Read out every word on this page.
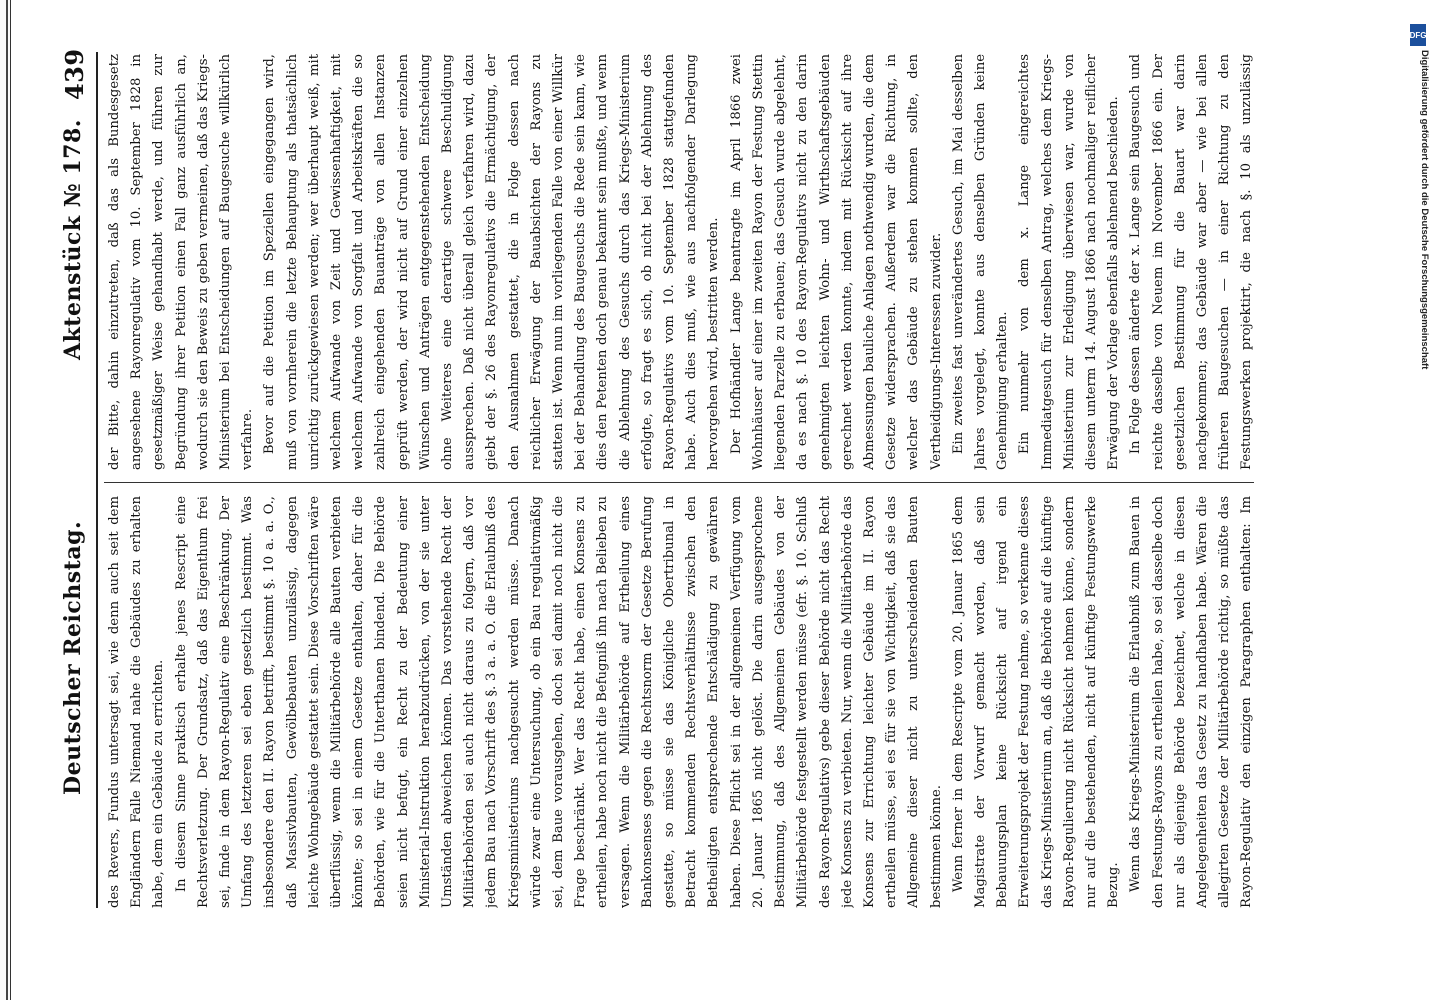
Deutscher Reichstag.
Aktenstück № 178.
439

des Revers, Fundus untersagt sei, wie denn auch seit dem Engländern Falle Niemand nahe die Gebäudes zu erhalten habe, dem ein Gebäude zu errichten. In diesem Sinne praktisch erhalte jenes Rescript eine Rechtsverletzung. Der Grundsatz, daß das Eigenthum frei sei, finde in dem Rayon-Regulativ eine Beschränkung. Der Umfang des letzteren sei eben gesetzlich bestimmt. Was insbesondere den II. Rayon betrifft, bestimmt §. 10 a. a. O., daß Massivbauten, Gewölbebauten unzulässig, dagegen leichte Wohngebäude gestattet sein. Diese Vorschriften wäre überflüssig, wenn die Militärbehörde alle Bauten verbieten könnte; so sei in einem Gesetze enthalten, daher für die Behörden, wie für die Unterthanen bindend. Die Behörde seien nicht befugt, ein Recht zu der Bedeutung einer Ministerial-Instruktion herabzudrücken, von der sie unter Umständen abweichen können. Das vorstehende Recht der Militärbehörden sei auch nicht daraus zu folgern, daß vor jedem Bau nach Vorschrift des §. 3 a. a. O. die Erlaubniß des Kriegsministeriums nachgesucht werden müsse. Danach würde zwar eine Untersuchung, ob ein Bau regulativmäßig sei, dem Baue vorausgehen, doch sei damit noch nicht die Frage beschränkt. Wer das Recht habe, einen Konsens zu ertheilen, habe noch nicht die Befugniß ihn nach Belieben zu versagen. Wenn die Militärbehörde auf Ertheilung eines Bankonsenses gegen die Rechtsnorm der Gesetze Berufung gestatte, so müsse sie das Königliche Obertribunal in Betracht kommenden Rechtsverhältnisse zwischen den Betheiligten entsprechende Entschädigung zu gewähren haben. Diese Pflicht sei in der allgemeinen Verfügung vom 20. Januar 1865 nicht gelöst. Die darin ausgesprochene Bestimmung, daß des Allgemeinen Gebäudes von der Militärbehörde festgestellt werden müsse (efr. §. 10. Schluß des Rayon-Regulativs) gebe dieser Behörde nicht das Recht jede Konsens zu verbieten. Nur, wenn die Militärbehörde das Konsens zur Errichtung leichter Gebäude im II. Rayon ertheilen müsse, sei es für sie von Wichtigkeit, daß sie das Allgemeine dieser nicht zu unterscheidenden Bauten bestimmen könne. Wenn ferner in dem Rescripte vom 20. Januar 1865 dem Magistrate der Vorwurf gemacht worden, daß sein Bebauungsplan keine Rücksicht auf irgend ein Erweiterungsprojekt der Festung nehme, so verkenne dieses das Kriegs-Ministerium an, daß die Behörde auf die künftige Rayon-Regulierung nicht Rücksicht nehmen könne, sondern nur auf die bestehenden, nicht auf künftige Festungswerke Bezug. Wenn das Kriegs-Ministerium die Erlaubniß zum Bauen in den Festungs-Rayons zu ertheilen habe, so sei dasselbe doch nur als diejenige Behörde bezeichnet, welche in diesen Angelegenheiten das Gesetz zu handhaben habe. Wären die allegirten Gesetze der Militärbehörde richtig, so müßte das Rayon-Regulativ den einzigen Paragraphen enthalten: Im

der Bitte, dahin einzutreten, daß das als Bundesgesetz angesehene Rayonregulativ vom 10. September 1828 in gesetzmäßiger Weise gehandhabt werde, und führen zur Begründung ihrer Petition einen Fall ganz ausführlich an, wodurch sie den Beweis zu geben vermeinen, daß das Kriegs-Ministerium bei Entscheidungen auf Baugesuche willkürlich verfahre. Bevor auf die Petition im Speziellen eingegangen wird, muß von vornherein die letzte Behauptung als thatsächlich unrichtig zurückgewiesen werden; wer überhaupt weiß, mit welchem Aufwande von Zeit und Gewissenhaftigkeit, mit welchem Aufwande von Sorgfalt und Arbeitskräften die so zahlreich eingehenden Bauanträge von allen Instanzen geprüft werden, der wird nicht auf Grund einer einzelnen Wünschen und Anträgen entgegenstehenden Entscheidung ohne Weiteres eine derartige schwere Beschuldigung aussprechen. Daß nicht überall gleich verfahren wird, dazu giebt der §. 26 des Rayonregulativs die Ermächtigung, der den Ausnahmen gestattet, die in Folge dessen nach reichlicher Erwägung der Bauabsichten der Rayons zu statten ist. Wenn nun im vorliegenden Falle von einer Willkür bei der Behandlung des Baugesuchs die Rede sein kann, wie dies den Petenten doch genau bekannt sein mußte, und wenn die Ablehnung des Gesuchs durch das Kriegs-Ministerium erfolgte, so fragt es sich, ob nicht bei der Ablehnung des Rayon-Regulativs vom 10. September 1828 stattgefunden habe. Auch dies muß, wie aus nachfolgender Darlegung hervorgehen wird, bestritten werden. Der Hofhändler Lange beantragte im April 1866 zwei Wohnhäuser auf einer im zweiten Rayon der Festung Stettin liegenden Parzelle zu erbauen; das Gesuch wurde abgelehnt, da es nach §. 10 des Rayon-Regulativs nicht zu den darin genehmigten leichten Wohn- und Wirthschaftsgebäuden gerechnet werden konnte, indem mit Rücksicht auf ihre Abmessungen bauliche Anlagen nothwendig wurden, die dem Gesetze widersprachen. Außerdem war die Richtung, in welcher das Gebäude zu stehen kommen sollte, den Vertheidigungs-Interessen zuwider. Ein zweites fast unverändertes Gesuch, im Mai desselben Jahres vorgelegt, konnte aus denselben Gründen keine Genehmigung erhalten. Ein nunmehr von dem x. Lange eingereichtes Immediatgesuch für denselben Antrag, welches dem Kriegs-Ministerium zur Erledigung überwiesen war, wurde von diesem unterm 14. August 1866 nach nochmaliger reiflicher Erwägung der Vorlage ebenfalls ablehnend beschieden. In Folge dessen änderte der x. Lange sein Baugesuch und reichte dasselbe von Neuem im November 1866 ein. Der gesetzlichen Bestimmung für die Bauart war darin nachgekommen; das Gebäude war aber — wie bei allen früheren Baugesuchen — in einer Richtung zu den Festungswerken projektirt, die nach §. 10 als unzulässig

DFG
Digitalisierung gefördert durch die Deutsche Forschungsgemeinschaft
